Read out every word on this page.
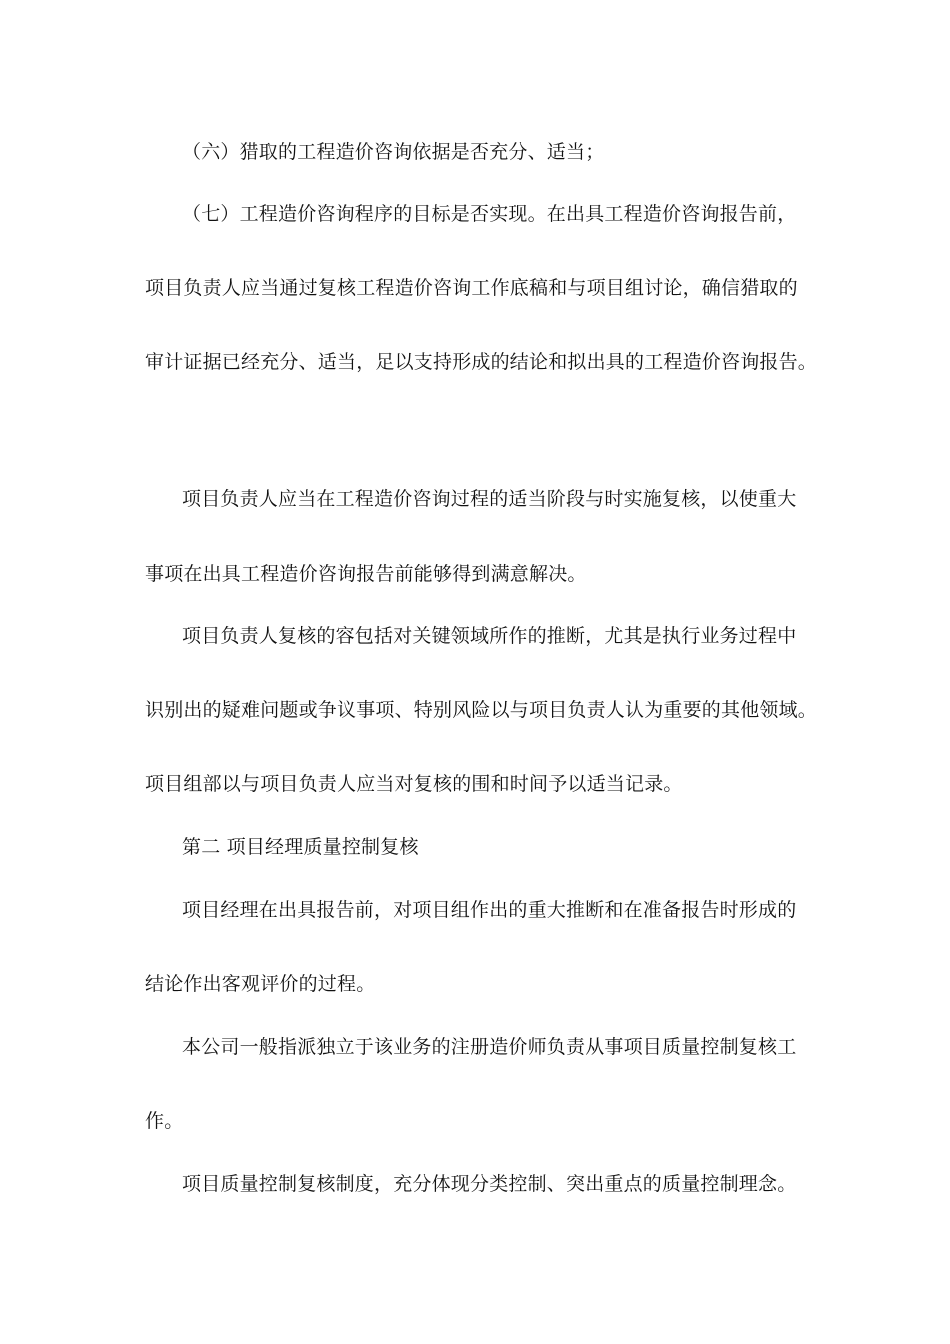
（六）猎取的工程造价咨询依据是否充分、适当；
（七）工程造价咨询程序的目标是否实现。在出具工程造价咨询报告前，
项目负责人应当通过复核工程造价咨询工作底稿和与项目组讨论，确信猎取的
审计证据已经充分、适当，足以支持形成的结论和拟出具的工程造价咨询报告。
项目负责人应当在工程造价咨询过程的适当阶段与时实施复核，以使重大
事项在出具工程造价咨询报告前能够得到满意解决。
项目负责人复核的容包括对关键领域所作的推断，尤其是执行业务过程中
识别出的疑难问题或争议事项、特别风险以与项目负责人认为重要的其他领域。
项目组部以与项目负责人应当对复核的围和时间予以适当记录。
第二 项目经理质量控制复核
项目经理在出具报告前，对项目组作出的重大推断和在准备报告时形成的
结论作出客观评价的过程。
本公司一般指派独立于该业务的注册造价师负责从事项目质量控制复核工
作。
项目质量控制复核制度，充分体现分类控制、突出重点的质量控制理念。
